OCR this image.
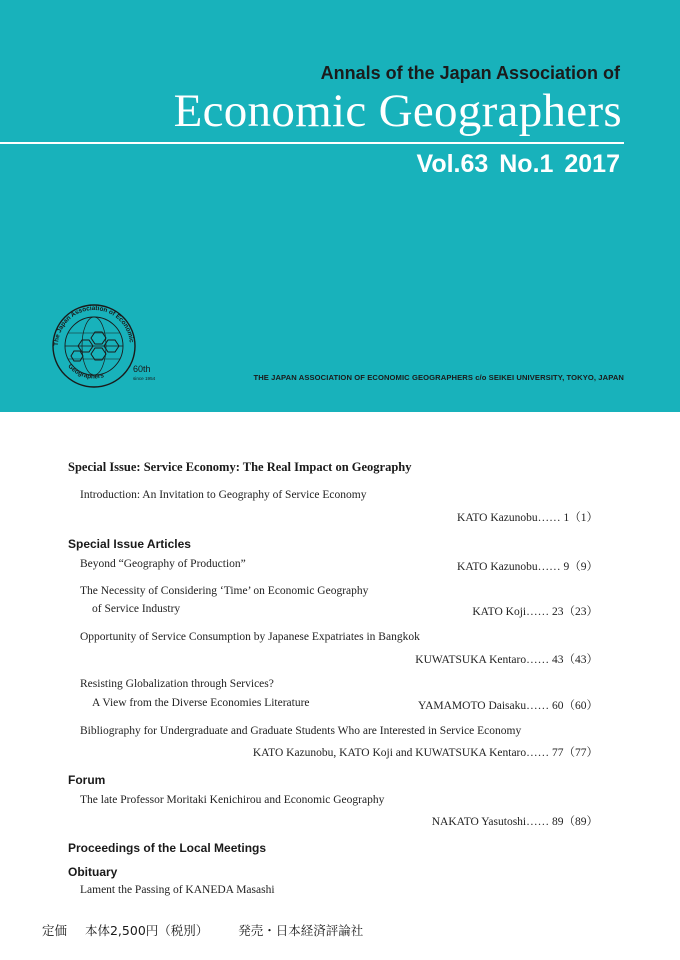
Annals of the Japan Association of

Economic Geographers

Vol.63 No.1 2017

The Japan Association of Economic
Geographers
60th
since 1954	THE JAPAN ASSOCIATION OF ECONOMIC GEOGRAPHERS c/o SEIKEI UNIVERSITY, TOKYO, JAPAN

Special Issue: Service Economy: The Real Impact on Geography

Introduction: An Invitation to Geography of Service Economy

KATO Kazunobu…… 1（1）

Special Issue Articles

Beyond “Geography of Production”	KATO Kazunobu…… 9（9）

The Necessity of Considering ‘Time’ on Economic Geography

of Service Industry	KATO Koji…… 23（23）

Opportunity of Service Consumption by Japanese Expatriates in Bangkok

KUWATSUKA Kentaro…… 43（43）

Resisting Globalization through Services?

A View from the Diverse Economies Literature	YAMAMOTO Daisaku…… 60（60）

Bibliography for Undergraduate and Graduate Students Who are Interested in Service Economy

KATO Kazunobu, KATO Koji and KUWATSUKA Kentaro…… 77（77）

Forum

The late Professor Moritaki Kenichirou and Economic Geography

NAKATO Yasutoshi…… 89（89）

Proceedings of the Local Meetings

Obituary

Lament the Passing of KANEDA Masashi

定価 本体2,500円（税別） 発売・日本経済評論社
